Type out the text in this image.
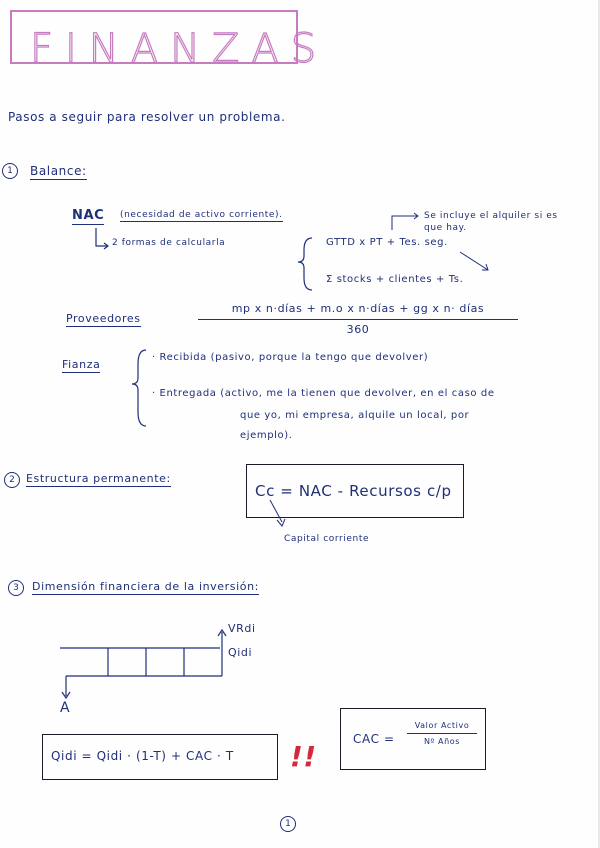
FINANZAS
Pasos a seguir para resolver un problema.
1	Balance:
NAC (necesidad de activo corriente).	Se incluye el alquiler si es que hay.
2 formas de calcularla	GTTD x PT + Tes. seg.
Σ stocks + clientes + Ts.
Proveedores
mp x n·días + m.o x n·días + gg x n· días
360
Fianza
· Recibida (pasivo, porque la tengo que devolver)
· Entregada (activo, me la tienen que devolver, en el caso de
que yo, mi empresa, alquile un local, por
ejemplo).
2	Estructura permanente:
Cc = NAC - Recursos c/p
Capital corriente
3	Dimensión financiera de la inversión:
VRdi
Qidi
A
Qidi = Qidi · (1-T) + CAC · T !!
CAC =
Valor Activo
Nº Años
1
